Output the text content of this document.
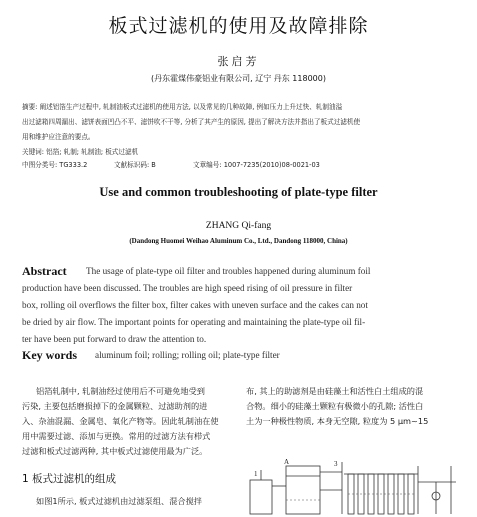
板式过滤机的使用及故障排除
张启芳
(丹东霍煤伟豪铝业有限公司, 辽宁 丹东 118000)
摘要: 阐述铝箔生产过程中, 轧制油板式过滤机的使用方法, 以及常见的几种故障, 例如压力上升过快、轧制油溢
出过滤箱四周漏出、滤饼表面凹凸不平、滤饼吹不干等, 分析了其产生的原因, 提出了解决方法并指出了板式过滤机使
用和维护应注意的要点。
关键词: 铝箔; 轧制; 轧制油; 板式过滤机
中图分类号: TG333.2	文献标识码: B	文章编号: 1007-7235(2010)08-0021-03
Use and common troubleshooting of plate-type filter
ZHANG Qi-fang
(Dandong Huomei Weihao Aluminum Co., Ltd., Dandong 118000, China)
Abstract The usage of plate-type oil filter and troubles happened during aluminum foil
production have been discussed. The troubles are high speed rising of oil pressure in filter
box, rolling oil overflows the filter box, filter cakes with uneven surface and the cakes can not
be dried by air flow. The important points for operating and maintaining the plate-type oil fil-
ter have been put forward to draw the attention to.
Key words aluminum foil; rolling; rolling oil; plate-type filter
铝箔轧制中, 轧制油经过使用后不可避免地受到
污染, 主要包括磨损掉下的金属颗粒、过滤助剂的进
入、杂油混漏、金属皂、氧化产物等。因此轧制油在使
用中需要过滤、添加与更换。常用的过滤方法有栉式
过滤和板式过滤两种, 其中板式过滤使用最为广泛。
1 板式过滤机的组成
如图1所示, 板式过滤机由过滤泵组、混合搅拌
布, 其上的助滤剂是由硅藻土和活性白土组成的混
合物。细小的硅藻土颗粒有极微小的孔隙; 活性白
土为一种极性物质, 本身无空隙, 粒度为 5 μm~15
A	3
1
